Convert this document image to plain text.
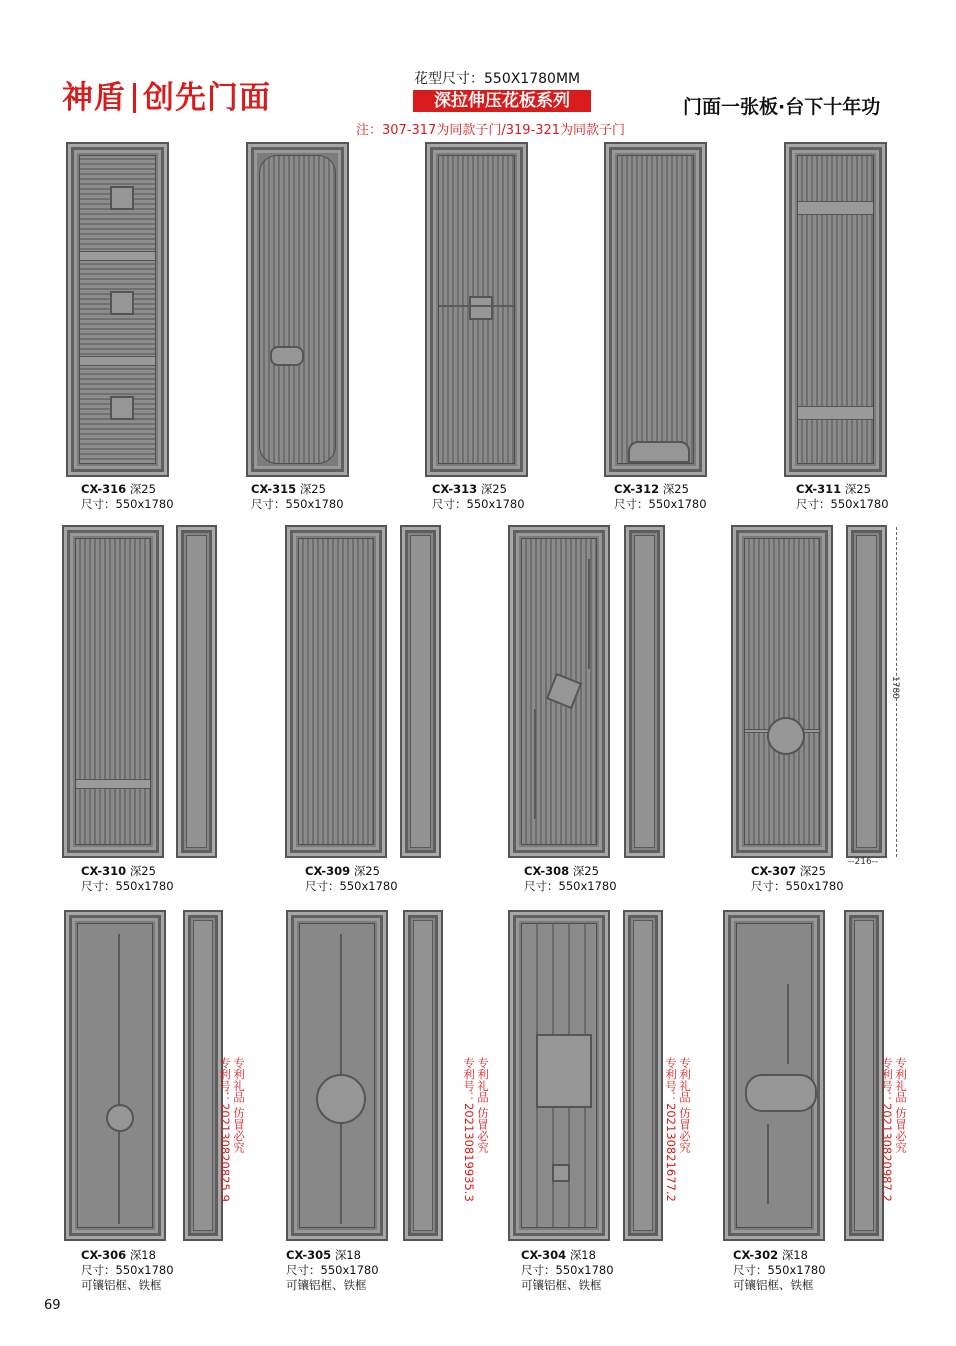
神盾 创先门面
花型尺寸：550X1780MM
深拉伸压花板系列
注：307-317为同款子门/319-321为同款子门
门面一张板·台下十年功
CX-316 深25
尺寸：550x1780
CX-315 深25
尺寸：550x1780
CX-313 深25
尺寸：550x1780
CX-312 深25
尺寸：550x1780
CX-311 深25
尺寸：550x1780
1780
--216--
CX-310 深25
尺寸：550x1780
CX-309 深25
尺寸：550x1780
CX-308 深25
尺寸：550x1780
CX-307 深25
尺寸：550x1780
专利礼品 仿冒必究
专利号：202130820825.9	专利礼品 仿冒必究
专利号：202130819935.3	专利礼品 仿冒必究
专利号：202130821677.2	专利礼品 仿冒必究
专利号：202130820987.2
CX-306 深18
尺寸：550x1780
可镶铝框、铁框
CX-305 深18
尺寸：550x1780
可镶铝框、铁框
CX-304 深18
尺寸：550x1780
可镶铝框、铁框
CX-302 深18
尺寸：550x1780
可镶铝框、铁框
69
